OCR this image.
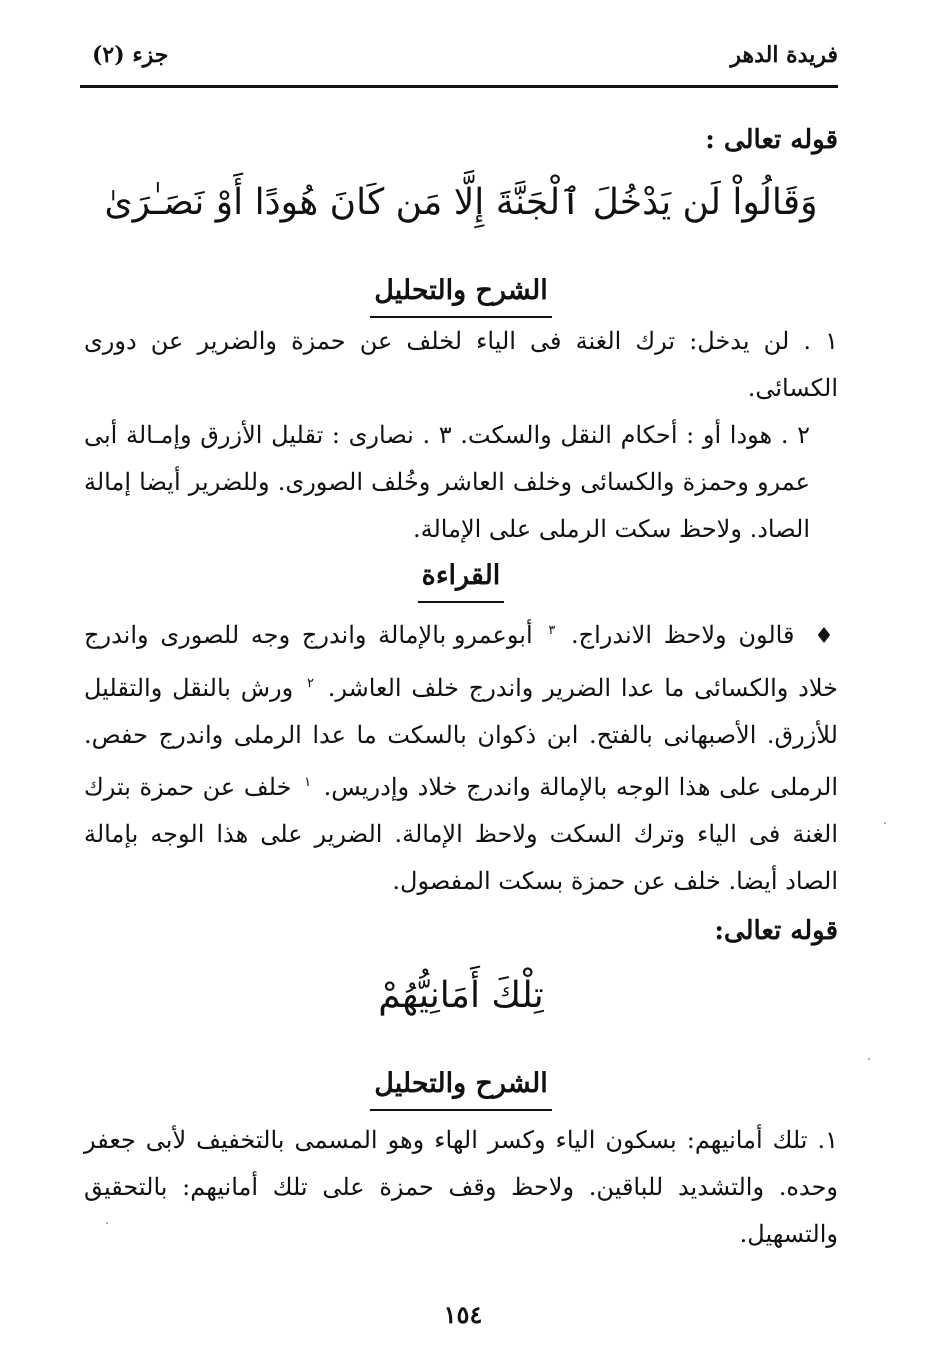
فريدة الدهر
جزء (٢)

قوله تعالى :

وَقَالُواْ لَن يَدْخُلَ ٱلْجَنَّةَ إِلَّا مَن كَانَ هُودًا أَوْ نَصَـٰرَىٰ

الشرح والتحليل

١ . لن يدخل: ترك الغنة فى الياء لخلف عن حمزة والضرير عن دورى الكسائى.

٢ . هودا أو : أحكام النقل والسكت. ٣ . نصارى : تقليل الأزرق وإمـالة أبى عمرو وحمزة والكسائى وخلف العاشر وخُلف الصورى. وللضرير أيضا إمالة الصاد. ولاحظ سكت الرملى على الإمالة.

القراءة

♦ قالون ولاحظ الاندراج. $^٣$ أبوعمرو بالإمالة واندرج وجه للصورى واندرج خلاد والكسائى ما عدا الضرير واندرج خلف العاشر. $^٢$ ورش بالنقل والتقليل للأزرق. الأصبهانى بالفتح. ابن ذكوان بالسكت ما عدا الرملى واندرج حفص. الرملى على هذا الوجه بالإمالة واندرج خلاد وإدريس. $^١$ خلف عن حمزة بترك الغنة فى الياء وترك السكت ولاحظ الإمالة. الضرير على هذا الوجه بإمالة الصاد أيضا. خلف عن حمزة بسكت المفصول.

قوله تعالى:

تِلْكَ أَمَانِيُّهُمْ

الشرح والتحليل

١. تلك أمانيهم: بسكون الياء وكسر الهاء وهو المسمى بالتخفيف لأبى جعفر وحده. والتشديد للباقين. ولاحظ وقف حمزة على تلك أمانيهم: بالتحقيق والتسهيل.

١٥٤
